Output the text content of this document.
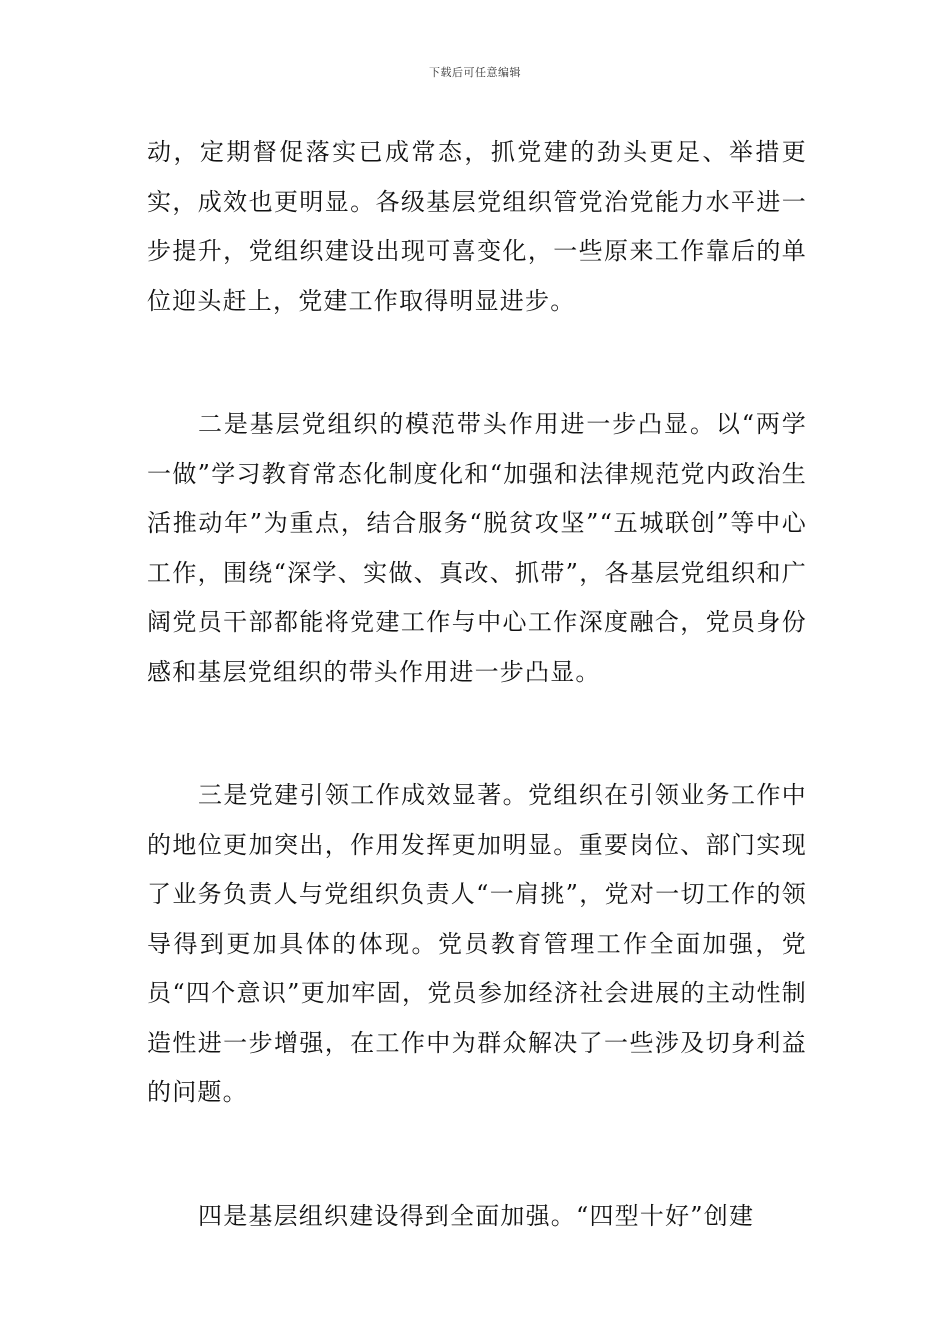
下载后可任意编辑

动，定期督促落实已成常态，抓党建的劲头更足、举措更实，成效也更明显。各级基层党组织管党治党能力水平进一步提升，党组织建设出现可喜变化，一些原来工作靠后的单位迎头赶上，党建工作取得明显进步。

二是基层党组织的模范带头作用进一步凸显。以“两学一做”学习教育常态化制度化和“加强和法律规范党内政治生活推动年”为重点，结合服务“脱贫攻坚”“五城联创”等中心工作，围绕“深学、实做、真改、抓带”，各基层党组织和广阔党员干部都能将党建工作与中心工作深度融合，党员身份感和基层党组织的带头作用进一步凸显。

三是党建引领工作成效显著。党组织在引领业务工作中的地位更加突出，作用发挥更加明显。重要岗位、部门实现了业务负责人与党组织负责人“一肩挑”，党对一切工作的领导得到更加具体的体现。党员教育管理工作全面加强，党员“四个意识”更加牢固，党员参加经济社会进展的主动性制造性进一步增强，在工作中为群众解决了一些涉及切身利益的问题。

四是基层组织建设得到全面加强。“四型十好”创建
